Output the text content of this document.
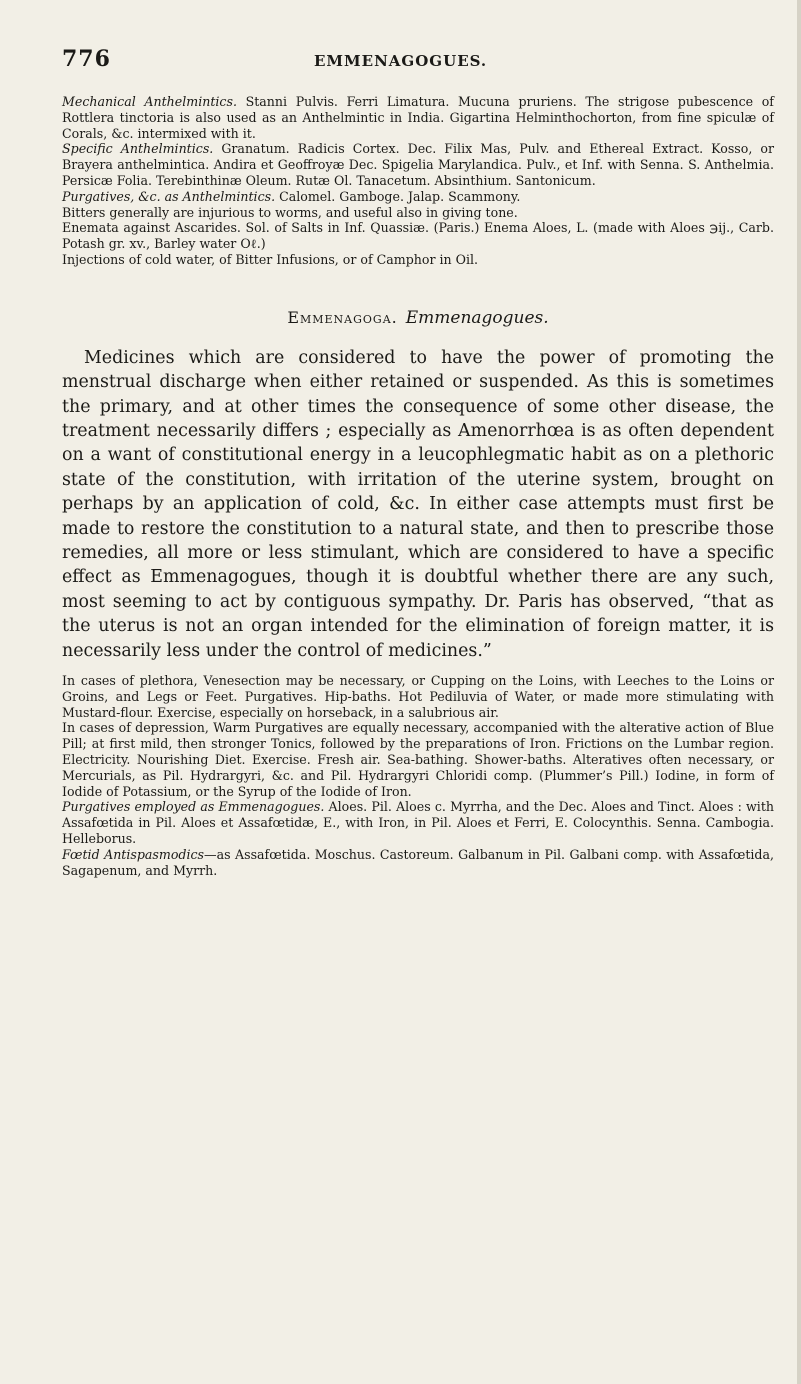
776	EMMENAGOGUES.

Mechanical Anthelmintics. Stanni Pulvis. Ferri Limatura. Mucuna pruriens. The strigose pubescence of Rottlera tinctoria is also used as an Anthelmintic in India. Gigartina Helminthochorton, from fine spiculæ of Corals, &c. intermixed with it.

Specific Anthelmintics. Granatum. Radicis Cortex. Dec. Filix Mas, Pulv. and Ethereal Extract. Kosso, or Brayera anthelmintica. Andira et Geoffroyæ Dec. Spigelia Marylandica. Pulv., et Inf. with Senna. S. Anthelmia. Persicæ Folia. Terebinthinæ Oleum. Rutæ Ol. Tanacetum. Absinthium. Santonicum.

Purgatives, &c. as Anthelmintics. Calomel. Gamboge. Jalap. Scammony.

Bitters generally are injurious to worms, and useful also in giving tone.

Enemata against Ascarides. Sol. of Salts in Inf. Quassiæ. (Paris.) Enema Aloes, L. (made with Aloes ℈ij., Carb. Potash gr. xv., Barley water Oℓ.)

Injections of cold water, of Bitter Infusions, or of Camphor in Oil.

Emmenagoga. Emmenagogues.

Medicines which are considered to have the power of promoting the menstrual discharge when either retained or suspended. As this is sometimes the primary, and at other times the consequence of some other disease, the treatment necessarily differs ; especially as Amenorrhœa is as often dependent on a want of constitutional energy in a leucophlegmatic habit as on a plethoric state of the constitution, with irritation of the uterine system, brought on perhaps by an application of cold, &c. In either case attempts must first be made to restore the constitution to a natural state, and then to prescribe those remedies, all more or less stimulant, which are considered to have a specific effect as Emmenagogues, though it is doubtful whether there are any such, most seeming to act by contiguous sympathy. Dr. Paris has observed, “that as the uterus is not an organ intended for the elimination of foreign matter, it is necessarily less under the control of medicines.”

In cases of plethora, Venesection may be necessary, or Cupping on the Loins, with Leeches to the Loins or Groins, and Legs or Feet. Purgatives. Hip-baths. Hot Pediluvia of Water, or made more stimulating with Mustard-flour. Exercise, especially on horseback, in a salubrious air.

In cases of depression, Warm Purgatives are equally necessary, accompanied with the alterative action of Blue Pill; at first mild, then stronger Tonics, followed by the preparations of Iron. Frictions on the Lumbar region. Electricity. Nourishing Diet. Exercise. Fresh air. Sea-bathing. Shower-baths. Alteratives often necessary, or Mercurials, as Pil. Hydrargyri, &c. and Pil. Hydrargyri Chloridi comp. (Plummer’s Pill.) Iodine, in form of Iodide of Potassium, or the Syrup of the Iodide of Iron.

Purgatives employed as Emmenagogues. Aloes. Pil. Aloes c. Myrrha, and the Dec. Aloes and Tinct. Aloes : with Assafœtida in Pil. Aloes et Assafœtidæ, E., with Iron, in Pil. Aloes et Ferri, E. Colocynthis. Senna. Cambogia. Helleborus.

Fœtid Antispasmodics—as Assafœtida. Moschus. Castoreum. Galbanum in Pil. Galbani comp. with Assafœtida, Sagapenum, and Myrrh.
